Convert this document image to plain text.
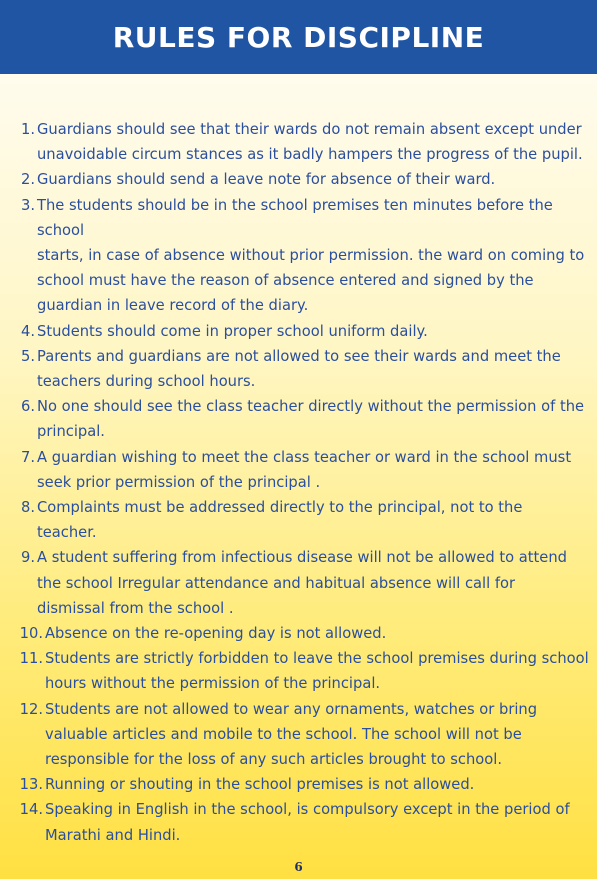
RULES FOR DISCIPLINE
1. Guardians should see that their wards do not remain absent except under
unavoidable circum stances as it badly hampers the progress of the pupil.
2. Guardians should send a leave note for absence of their ward.
3. The students should be in the school premises ten minutes before the
school
starts, in case of absence without prior permission. the ward on coming to
school must have the reason of absence entered and signed by the
guardian in leave record of the diary.
4. Students should come in proper school uniform daily.
5. Parents and guardians are not allowed to see their wards and meet the
teachers during school hours.
6. No one should see the class teacher directly without the permission of the
principal.
7. A guardian wishing to meet the class teacher or ward in the school must
seek prior permission of the principal .
8. Complaints must be addressed directly to the principal, not to the
teacher.
9. A student suffering from infectious disease will not be allowed to attend
the school Irregular attendance and habitual absence will call for
dismissal from the school .
10. Absence on the re-opening day is not allowed.
11. Students are strictly forbidden to leave the school premises during school
hours without the permission of the principal.
12. Students are not allowed to wear any ornaments, watches or bring
valuable articles and mobile to the school. The school will not be
responsible for the loss of any such articles brought to school.
13. Running or shouting in the school premises is not allowed.
14. Speaking in English in the school, is compulsory except in the period of
Marathi and Hindi.
6
